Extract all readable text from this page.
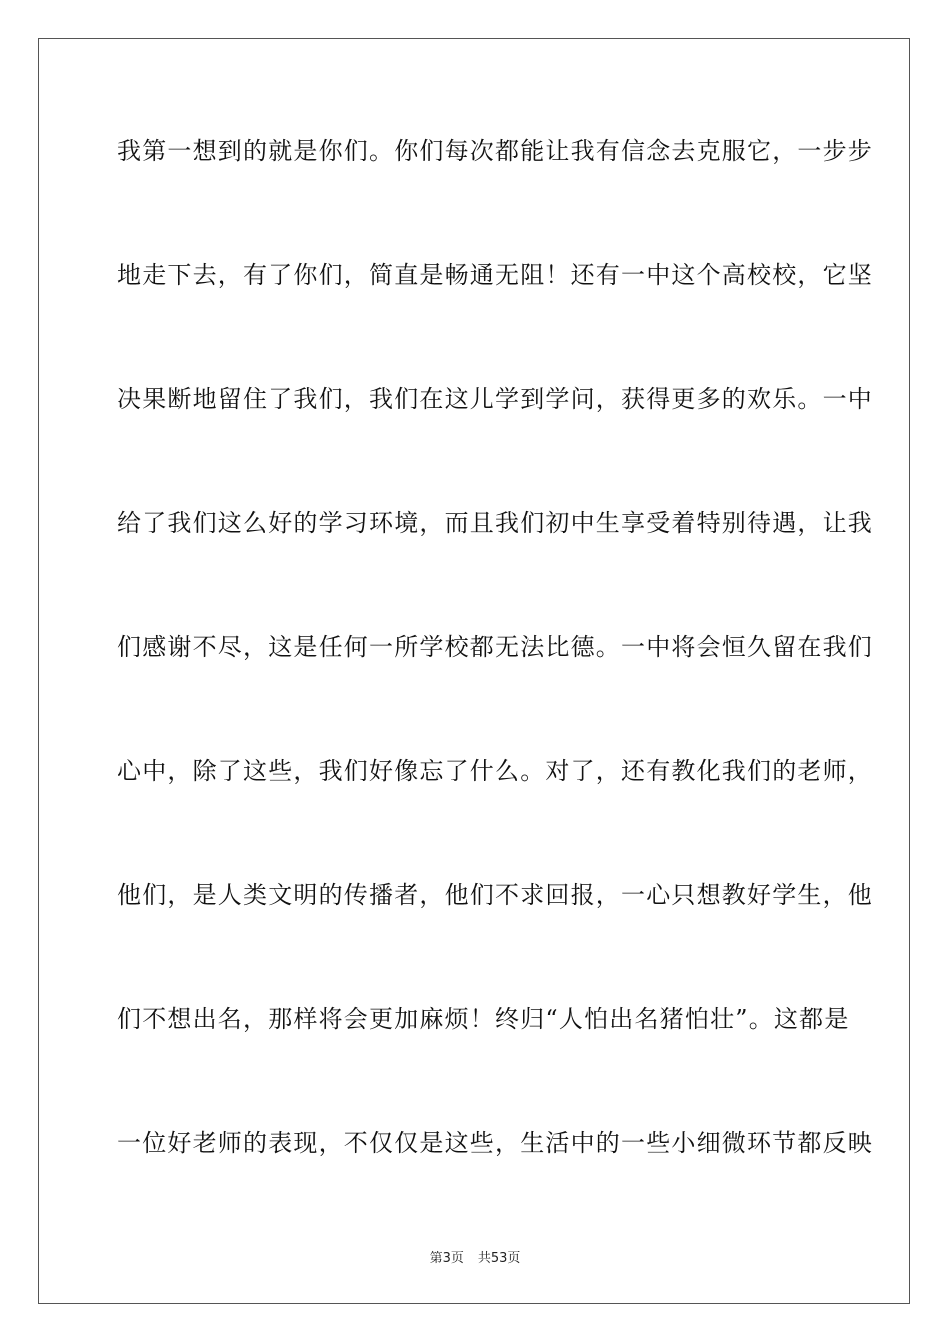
我第一想到的就是你们。你们每次都能让我有信念去克服它，一步步
地走下去，有了你们，简直是畅通无阻！还有一中这个高校校，它坚
决果断地留住了我们，我们在这儿学到学问，获得更多的欢乐。一中
给了我们这么好的学习环境，而且我们初中生享受着特别待遇，让我
们感谢不尽，这是任何一所学校都无法比德。一中将会恒久留在我们
心中，除了这些，我们好像忘了什么。对了，还有教化我们的老师，
他们，是人类文明的传播者，他们不求回报，一心只想教好学生，他
们不想出名，那样将会更加麻烦！终归“人怕出名猪怕壮”。这都是
一位好老师的表现，不仅仅是这些，生活中的一些小细微环节都反映
第3页 共53页
